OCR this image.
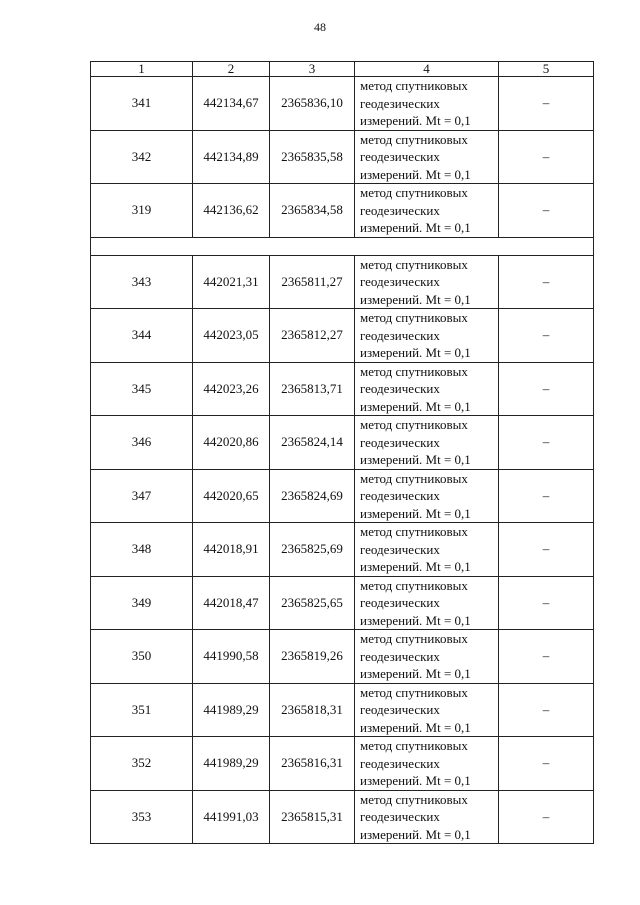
48
1	2	3	4	5
341	442134,67	2365836,10	метод спутниковых
геодезических
измерений. Mt = 0,1	–
342	442134,89	2365835,58	метод спутниковых
геодезических
измерений. Mt = 0,1	–
319	442136,62	2365834,58	метод спутниковых
геодезических
измерений. Mt = 0,1	–

343	442021,31	2365811,27	метод спутниковых
геодезических
измерений. Mt = 0,1	–
344	442023,05	2365812,27	метод спутниковых
геодезических
измерений. Mt = 0,1	–
345	442023,26	2365813,71	метод спутниковых
геодезических
измерений. Mt = 0,1	–
346	442020,86	2365824,14	метод спутниковых
геодезических
измерений. Mt = 0,1	–
347	442020,65	2365824,69	метод спутниковых
геодезических
измерений. Mt = 0,1	–
348	442018,91	2365825,69	метод спутниковых
геодезических
измерений. Mt = 0,1	–
349	442018,47	2365825,65	метод спутниковых
геодезических
измерений. Mt = 0,1	–
350	441990,58	2365819,26	метод спутниковых
геодезических
измерений. Mt = 0,1	–
351	441989,29	2365818,31	метод спутниковых
геодезических
измерений. Mt = 0,1	–
352	441989,29	2365816,31	метод спутниковых
геодезических
измерений. Mt = 0,1	–
353	441991,03	2365815,31	метод спутниковых
геодезических
измерений. Mt = 0,1	–
